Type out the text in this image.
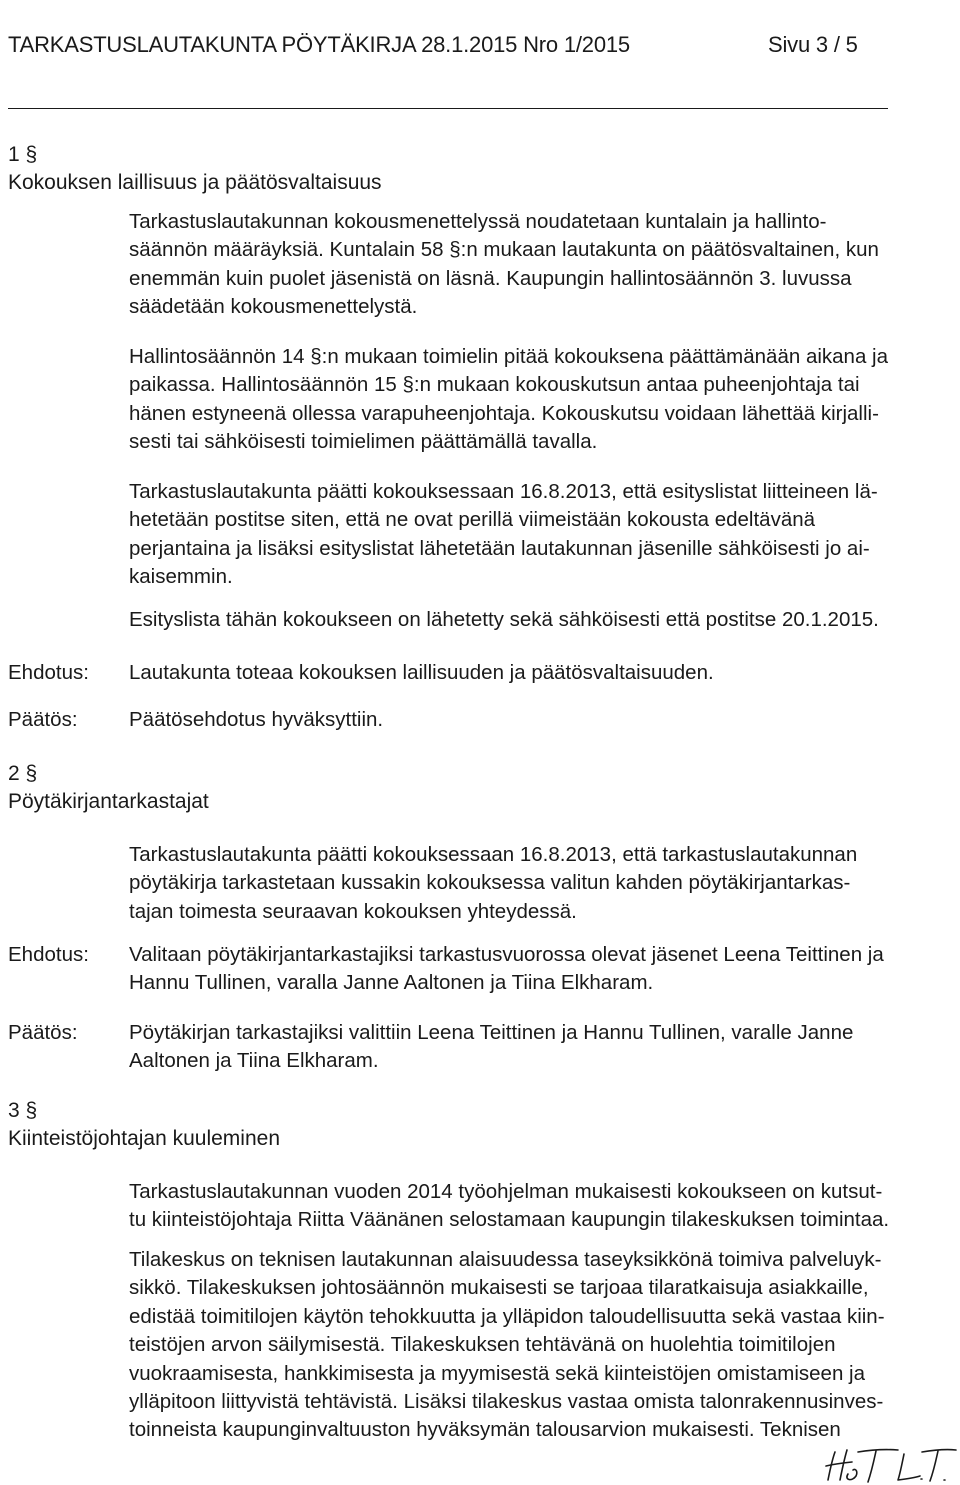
TARKASTUSLAUTAKUNTA PÖYTÄKIRJA 28.1.2015 Nro 1/2015	Sivu 3 / 5
1 §
Kokouksen laillisuus ja päätösvaltaisuus
Tarkastuslautakunnan kokousmenettelyssä noudatetaan kuntalain ja hallinto-
säännön määräyksiä. Kuntalain 58 §:n mukaan lautakunta on päätösvaltainen, kun
enemmän kuin puolet jäsenistä on läsnä. Kaupungin hallintosäännön 3. luvussa
säädetään kokousmenettelystä.
Hallintosäännön 14 §:n mukaan toimielin pitää kokouksena päättämänään aikana ja
paikassa. Hallintosäännön 15 §:n mukaan kokouskutsun antaa puheenjohtaja tai
hänen estyneenä ollessa varapuheenjohtaja. Kokouskutsu voidaan lähettää kirjalli-
sesti tai sähköisesti toimielimen päättämällä tavalla.
Tarkastuslautakunta päätti kokouksessaan 16.8.2013, että esityslistat liitteineen lä-
hetetään postitse siten, että ne ovat perillä viimeistään kokousta edeltävänä
perjantaina ja lisäksi esityslistat lähetetään lautakunnan jäsenille sähköisesti jo ai-
kaisemmin.
Esityslista tähän kokoukseen on lähetetty sekä sähköisesti että postitse 20.1.2015.
Ehdotus: Lautakunta toteaa kokouksen laillisuuden ja päätösvaltaisuuden.
Päätös:	Päätösehdotus hyväksyttiin.
2 §
Pöytäkirjantarkastajat
Tarkastuslautakunta päätti kokouksessaan 16.8.2013, että tarkastuslautakunnan
pöytäkirja tarkastetaan kussakin kokouksessa valitun kahden pöytäkirjantarkas-
tajan toimesta seuraavan kokouksen yhteydessä.
Ehdotus: Valitaan pöytäkirjantarkastajiksi tarkastusvuorossa olevat jäsenet Leena Teittinen ja
Hannu Tullinen, varalla Janne Aaltonen ja Tiina Elkharam.
Päätös:	Pöytäkirjan tarkastajiksi valittiin Leena Teittinen ja Hannu Tullinen, varalle Janne
Aaltonen ja Tiina Elkharam.
3 §
Kiinteistöjohtajan kuuleminen
Tarkastuslautakunnan vuoden 2014 työohjelman mukaisesti kokoukseen on kutsut-
tu kiinteistöjohtaja Riitta Väänänen selostamaan kaupungin tilakeskuksen toimintaa.
Tilakeskus on teknisen lautakunnan alaisuudessa taseyksikkönä toimiva palveluyk-
sikkö. Tilakeskuksen johtosäännön mukaisesti se tarjoaa tilaratkaisuja asiakkaille,
edistää toimitilojen käytön tehokkuutta ja ylläpidon taloudellisuutta sekä vastaa kiin-
teistöjen arvon säilymisestä. Tilakeskuksen tehtävänä on huolehtia toimitilojen
vuokraamisesta, hankkimisesta ja myymisestä sekä kiinteistöjen omistamiseen ja
ylläpitoon liittyvistä tehtävistä. Lisäksi tilakeskus vastaa omista talonrakennusinves-
toinneista kaupunginvaltuuston hyväksymän talousarvion mukaisesti. Teknisen
